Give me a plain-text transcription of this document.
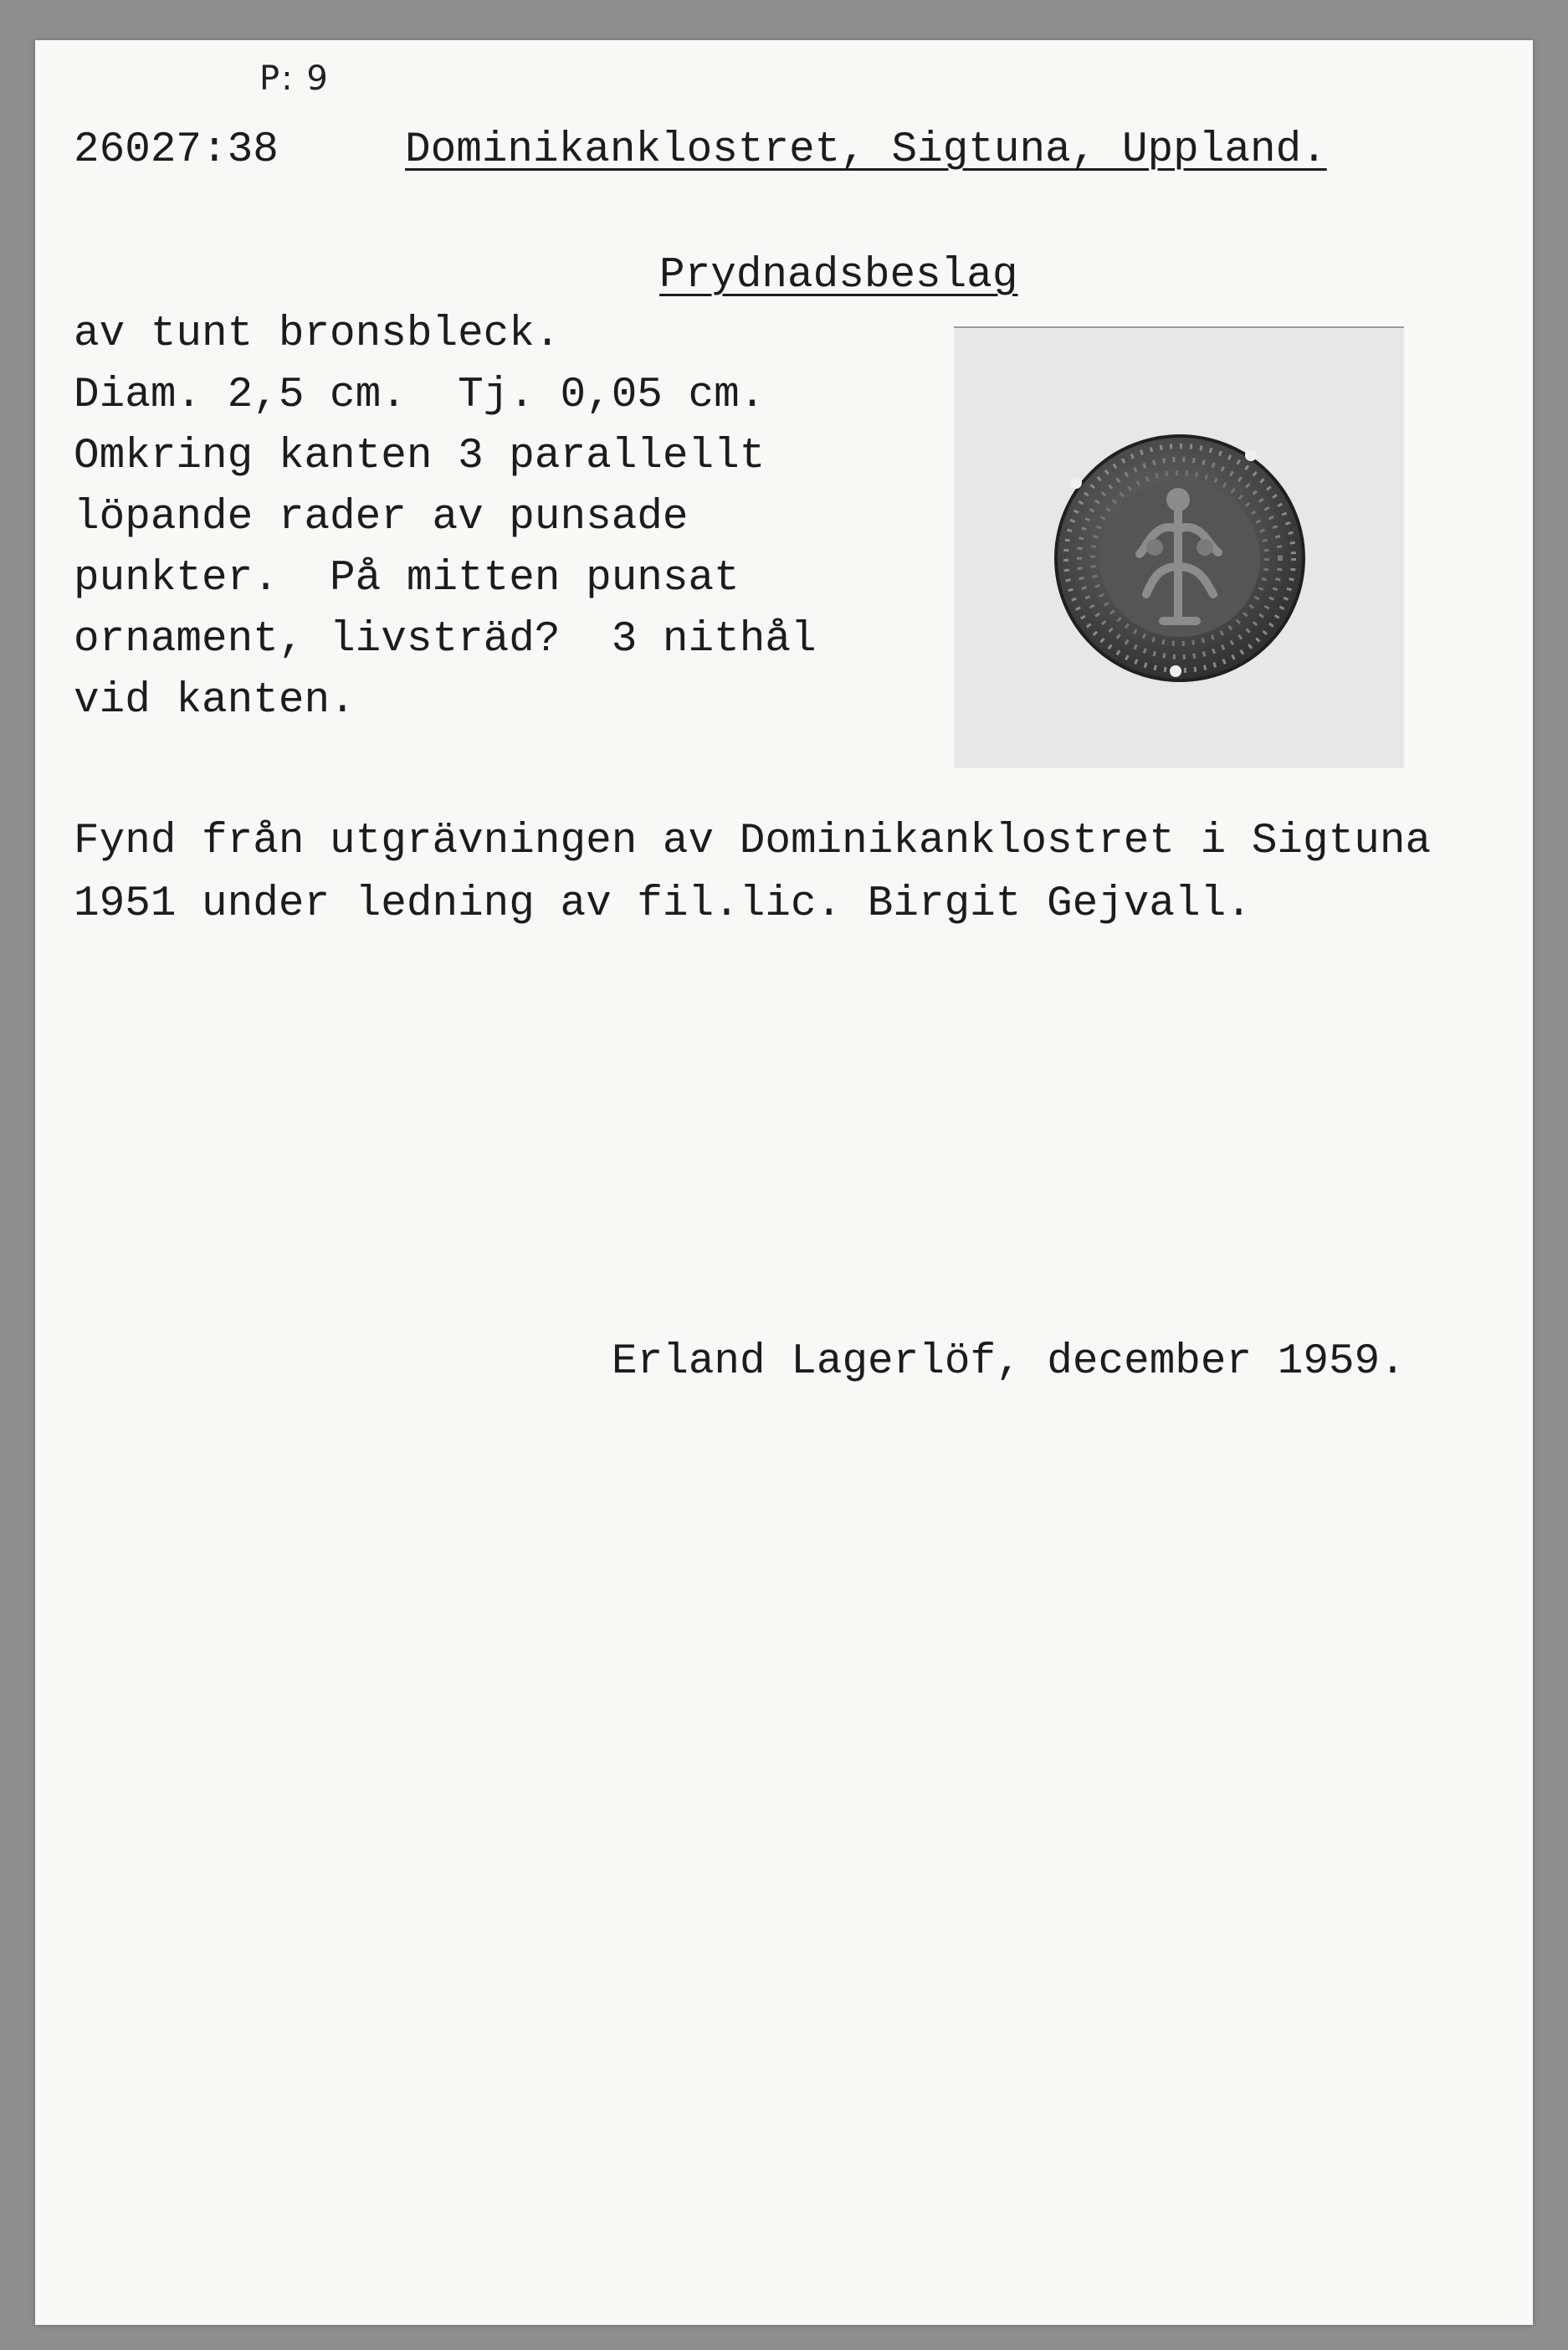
P: 9
26027:38	Dominikanklostret, Sigtuna, Uppland.
Prydnadsbeslag
av tunt bronsbleck.
Diam. 2,5 cm.  Tj. 0,05 cm.
Omkring kanten 3 parallellt
löpande rader av punsade
punkter.  På mitten punsat
ornament, livsträd?  3 nithål
vid kanten.
Fynd från utgrävningen av Dominikanklostret i Sigtuna
1951 under ledning av fil.lic. Birgit Gejvall.
Erland Lagerlöf, december 1959.
